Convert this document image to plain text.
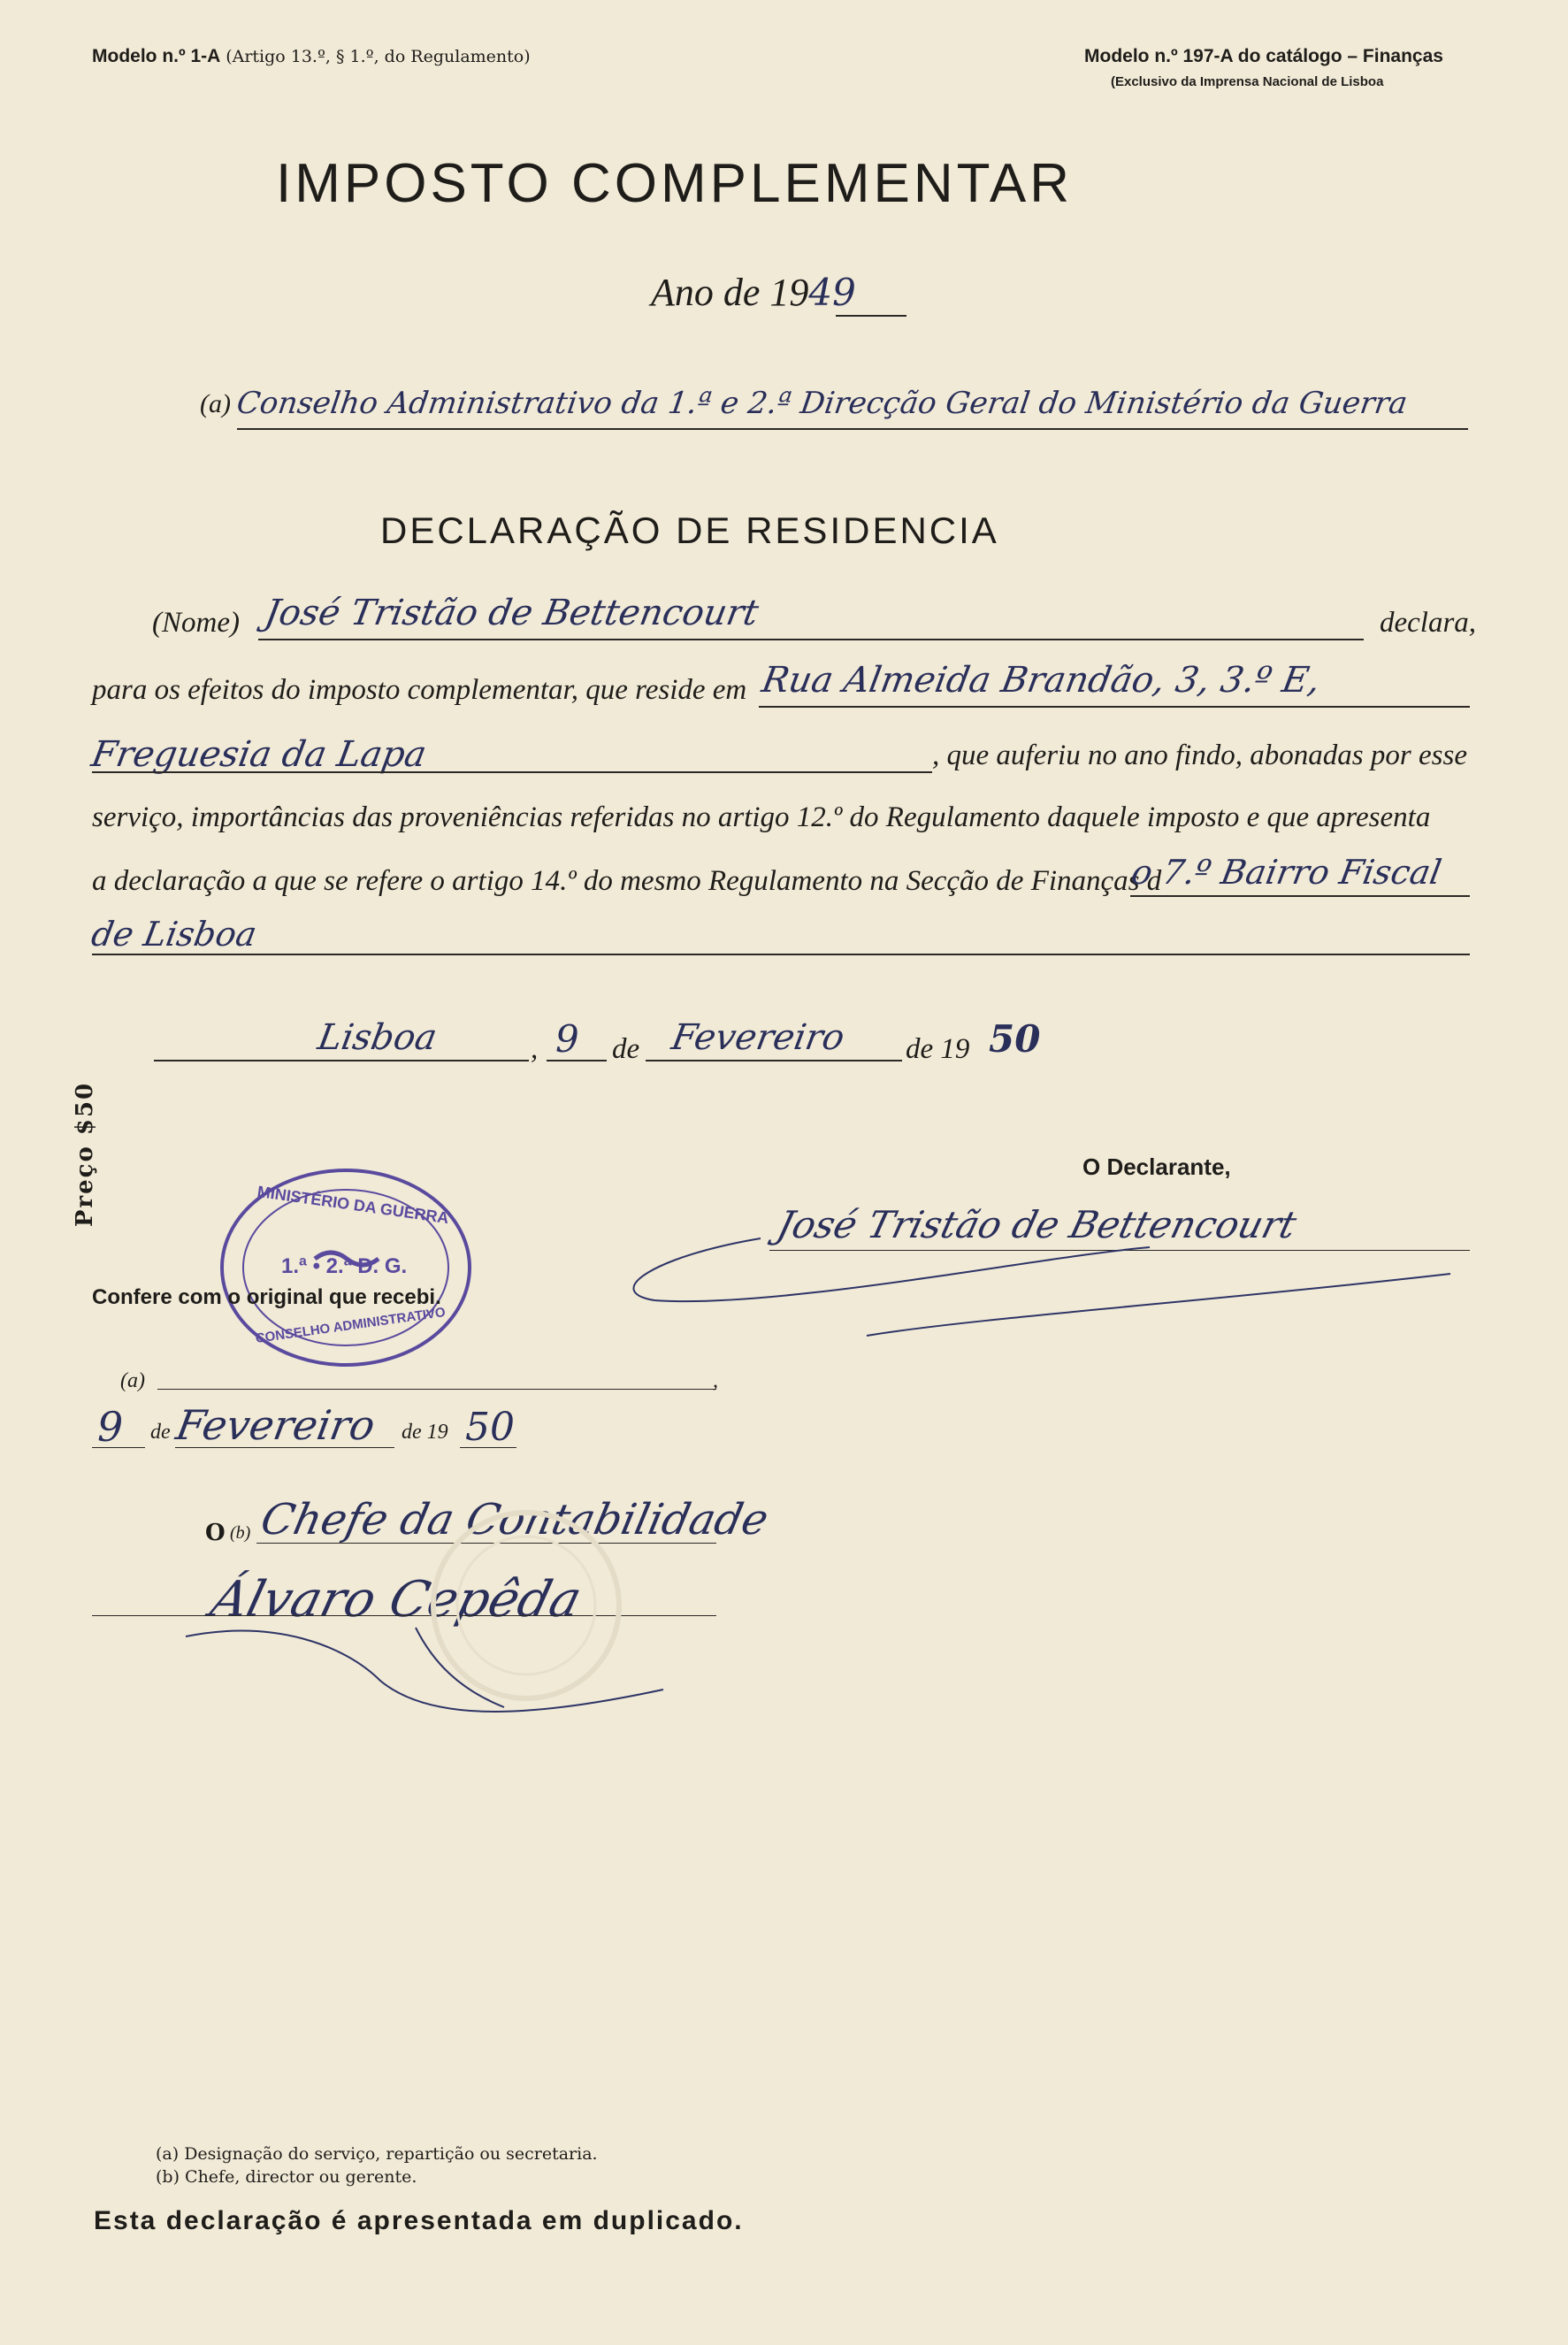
Modelo n.º 1-A (Artigo 13.º, § 1.º, do Regulamento)	Modelo n.º 197-A do catálogo – Finanças
(Exclusivo da Imprensa Nacional de Lisboa
IMPOSTO COMPLEMENTAR
Ano de 1949
(a) Conselho Administrativo da 1.ª e 2.ª Direcção Geral do Ministério da Guerra
DECLARAÇÃO DE RESIDENCIA
(Nome) José Tristão de Bettencourt	declara,
para os efeitos do imposto complementar, que reside em Rua Almeida Brandão, 3, 3.º E,
Freguesia da Lapa	, que auferiu no ano findo, abonadas por esse
serviço, importâncias das proveniências referidas no artigo 12.º do Regulamento daquele imposto e que apresenta
a declaração a que se refere o artigo 14.º do mesmo Regulamento na Secção de Finanças d
o 7.º Bairro Fiscal
de Lisboa
Lisboa	, 9 de Fevereiro de 19 50
Preço $50	O Declarante,
José Tristão de Bettencourt
MINISTÉRIO DA GUERRA
1.ª • 2.ª D. G.
CONSELHO ADMINISTRATIVO
Confere com o original que recebi.
(a)	,
9 de Fevereiro de 19 50
O (b) Chefe da Contabilidade
Álvaro Cepêda
(a) Designação do serviço, repartição ou secretaria.
(b) Chefe, director ou gerente.
Esta declaração é apresentada em duplicado.
